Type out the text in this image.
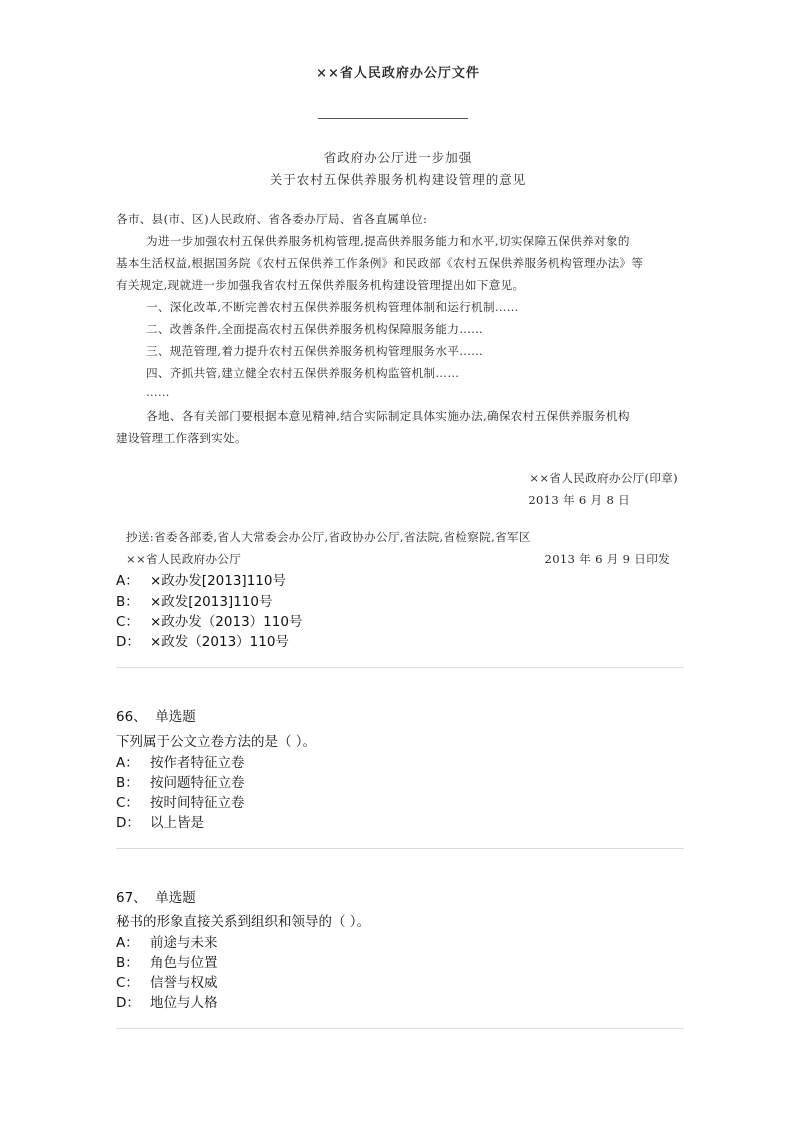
××省人民政府办公厅文件
省政府办公厅进一步加强
关于农村五保供养服务机构建设管理的意见
各市、县(市、区)人民政府、省各委办厅局、省各直属单位:
为进一步加强农村五保供养服务机构管理,提高供养服务能力和水平,切实保障五保供养对象的
基本生活权益,根据国务院《农村五保供养工作条例》和民政部《农村五保供养服务机构管理办法》等
有关规定,现就进一步加强我省农村五保供养服务机构建设管理提出如下意见。
一、深化改革,不断完善农村五保供养服务机构管理体制和运行机制……
二、改善条件,全面提高农村五保供养服务机构保障服务能力……
三、规范管理,着力提升农村五保供养服务机构管理服务水平……
四、齐抓共管,建立健全农村五保供养服务机构监管机制……
……
各地、各有关部门要根据本意见精神,结合实际制定具体实施办法,确保农村五保供养服务机构
建设管理工作落到实处。
××省人民政府办公厅(印章)
2013 年 6 月 8 日
抄送:省委各部委,省人大常委会办公厅,省政协办公厅,省法院,省检察院,省军区
××省人民政府办公厅	2013 年 6 月 9 日印发
A： ×政办发[2013]110号
B： ×政发[2013]110号
C： ×政办发（2013）110号
D： ×政发（2013）110号
66、 单选题
下列属于公文立卷方法的是（ ）。
A： 按作者特征立卷
B： 按问题特征立卷
C： 按时间特征立卷
D： 以上皆是
67、 单选题
秘书的形象直接关系到组织和领导的（ ）。
A： 前途与未来
B： 角色与位置
C： 信誉与权威
D： 地位与人格
